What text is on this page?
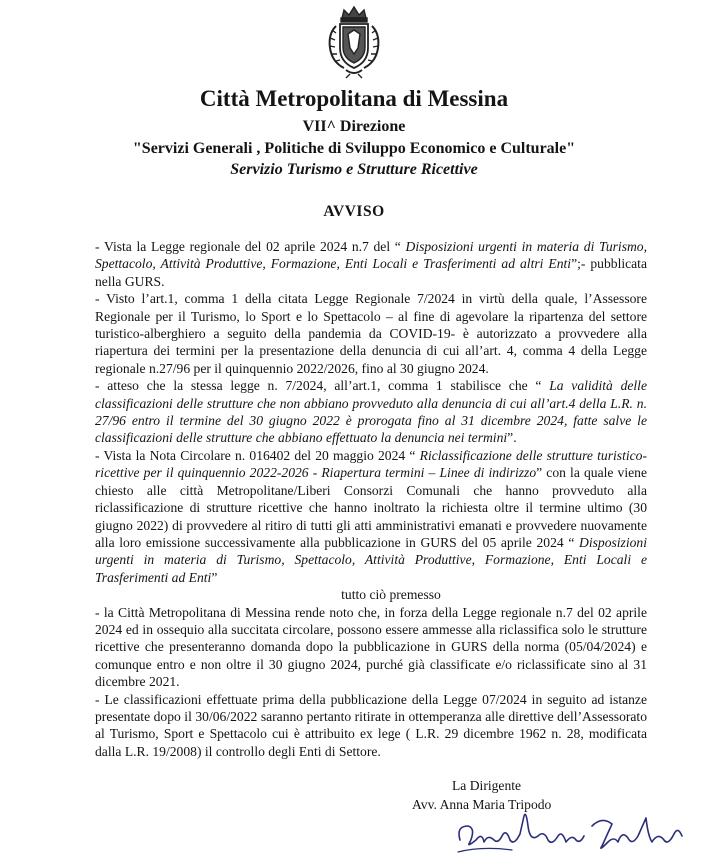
Città Metropolitana di Messina
VII^ Direzione
"Servizi Generali , Politiche di Sviluppo Economico e Culturale"
Servizio Turismo e Strutture Ricettive
AVVISO

- Vista la Legge regionale del 02 aprile 2024 n.7 del “ Disposizioni urgenti in materia di Turismo, Spettacolo, Attività Produttive, Formazione, Enti Locali e Trasferimenti ad altri Enti”;- pubblicata nella GURS.

- Visto l’art.1, comma 1 della citata Legge Regionale 7/2024 in virtù della quale, l’Assessore Regionale per il Turismo, lo Sport e lo Spettacolo – al fine di agevolare la ripartenza del settore turistico-alberghiero a seguito della pandemia da COVID-19- è autorizzato a provvedere alla riapertura dei termini per la presentazione della denuncia di cui all’art. 4, comma 4 della Legge regionale n.27/96 per il quinquennio 2022/2026, fino al 30 giugno 2024.

- atteso che la stessa legge n. 7/2024, all’art.1, comma 1 stabilisce che “ La validità delle classificazioni delle strutture che non abbiano provveduto alla denuncia di cui all’art.4 della L.R. n. 27/96 entro il termine del 30 giugno 2022 è prorogata fino al 31 dicembre 2024, fatte salve le classificazioni delle strutture che abbiano effettuato la denuncia nei termini”.

- Vista la Nota Circolare n. 016402 del 20 maggio 2024 “ Riclassificazione delle strutture turistico-ricettive per il quinquennio 2022-2026 - Riapertura termini – Linee di indirizzo” con la quale viene chiesto alle città Metropolitane/Liberi Consorzi Comunali che hanno provveduto alla riclassificazione di strutture ricettive che hanno inoltrato la richiesta oltre il termine ultimo (30 giugno 2022) di provvedere al ritiro di tutti gli atti amministrativi emanati e provvedere nuovamente alla loro emissione successivamente alla pubblicazione in GURS del 05 aprile 2024 “ Disposizioni urgenti in materia di Turismo, Spettacolo, Attività Produttive, Formazione, Enti Locali e Trasferimenti ad Enti”

tutto ciò premesso

- la Città Metropolitana di Messina rende noto che, in forza della Legge regionale n.7 del 02 aprile 2024 ed in ossequio alla succitata circolare, possono essere ammesse alla riclassifica solo le strutture ricettive che presenteranno domanda dopo la pubblicazione in GURS della norma (05/04/2024) e comunque entro e non oltre il 30 giugno 2024, purché già classificate e/o riclassificate sino al 31 dicembre 2021.

- Le classificazioni effettuate prima della pubblicazione della Legge 07/2024 in seguito ad istanze presentate dopo il 30/06/2022 saranno pertanto ritirate in ottemperanza alle direttive dell’Assessorato al Turismo, Sport e Spettacolo cui è attribuito ex lege ( L.R. 29 dicembre 1962 n. 28, modificata dalla L.R. 19/2008) il controllo degli Enti di Settore.

La Dirigente
Avv. Anna Maria Tripodo
